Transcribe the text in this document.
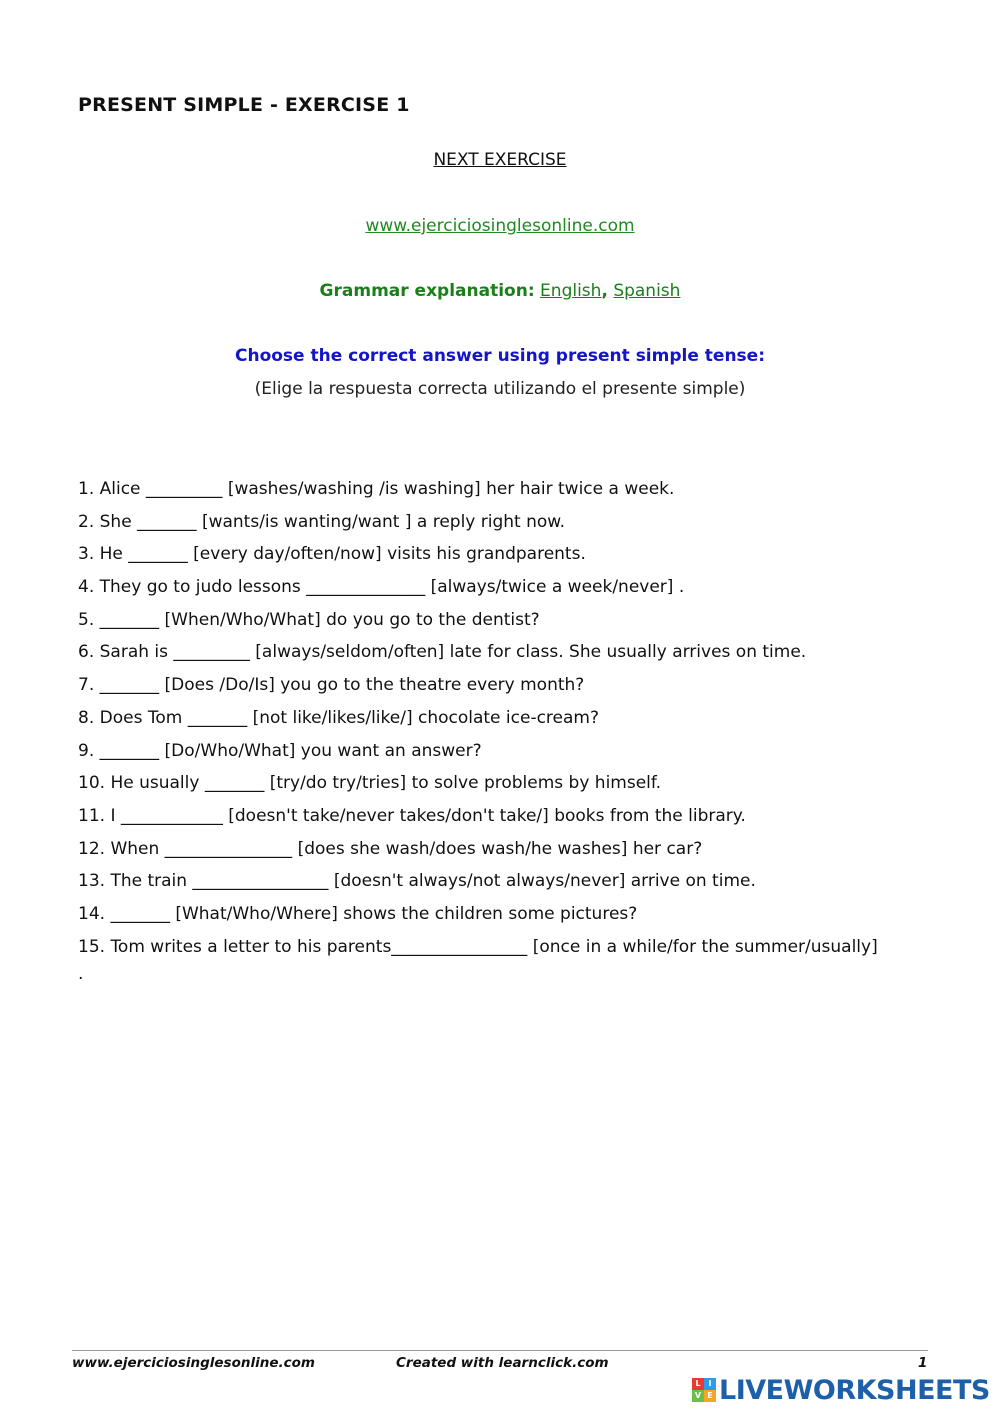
PRESENT SIMPLE - EXERCISE 1
NEXT EXERCISE
www.ejerciciosinglesonline.com
Grammar explanation: English, Spanish
Choose the correct answer using present simple tense:
(Elige la respuesta correcta utilizando el presente simple)
1. Alice _________ [washes/washing /is washing] her hair twice a week.
2. She _______ [wants/is wanting/want ] a reply right now.
3. He _______ [every day/often/now] visits his grandparents.
4. They go to judo lessons ______________ [always/twice a week/never] .
5. _______ [When/Who/What] do you go to the dentist?
6. Sarah is _________ [always/seldom/often] late for class. She usually arrives on time.
7. _______ [Does /Do/Is] you go to the theatre every month?
8. Does Tom _______ [not like/likes/like/] chocolate ice-cream?
9. _______ [Do/Who/What] you want an answer?
10. He usually _______ [try/do try/tries] to solve problems by himself.
11. I ____________ [doesn't take/never takes/don't take/] books from the library.
12. When _______________ [does she wash/does wash/he washes] her car?
13. The train ________________ [doesn't always/not always/never] arrive on time.
14. _______ [What/Who/Where] shows the children some pictures?
15. Tom writes a letter to his parents________________ [once in a while/for the summer/usually] .
www.ejerciciosinglesonline.com	Created with learnclick.com	1
L I
V E LIVEWORKSHEETS
